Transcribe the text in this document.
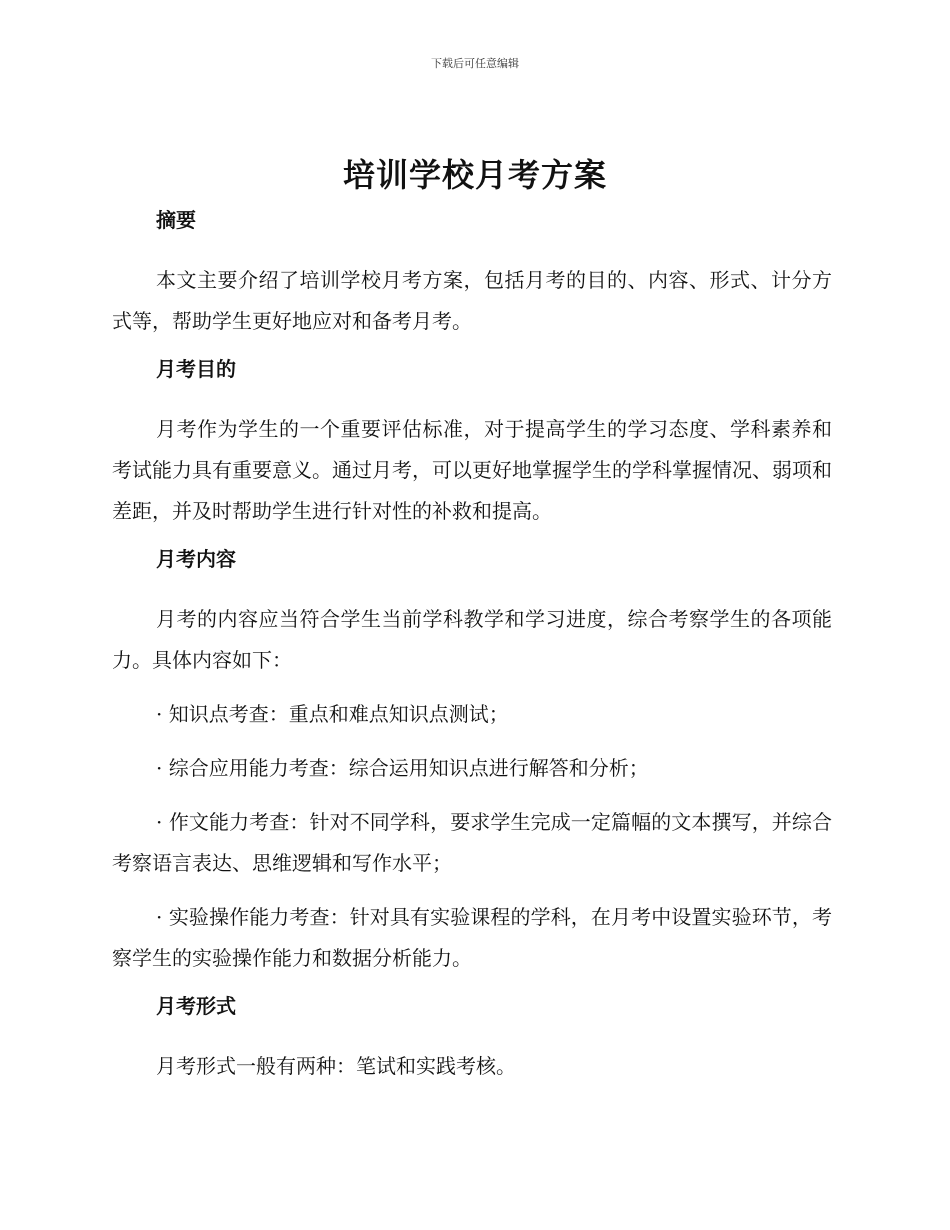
下载后可任意编辑
培训学校月考方案
摘要

本文主要介绍了培训学校月考方案，包括月考的目的、内容、形式、计分方式等，帮助学生更好地应对和备考月考。

月考目的

月考作为学生的一个重要评估标准，对于提高学生的学习态度、学科素养和考试能力具有重要意义。通过月考，可以更好地掌握学生的学科掌握情况、弱项和差距，并及时帮助学生进行针对性的补救和提高。

月考内容

月考的内容应当符合学生当前学科教学和学习进度，综合考察学生的各项能力。具体内容如下：

· 知识点考查：重点和难点知识点测试；

· 综合应用能力考查：综合运用知识点进行解答和分析；

· 作文能力考查：针对不同学科，要求学生完成一定篇幅的文本撰写，并综合考察语言表达、思维逻辑和写作水平；

· 实验操作能力考查：针对具有实验课程的学科，在月考中设置实验环节，考察学生的实验操作能力和数据分析能力。

月考形式

月考形式一般有两种：笔试和实践考核。
